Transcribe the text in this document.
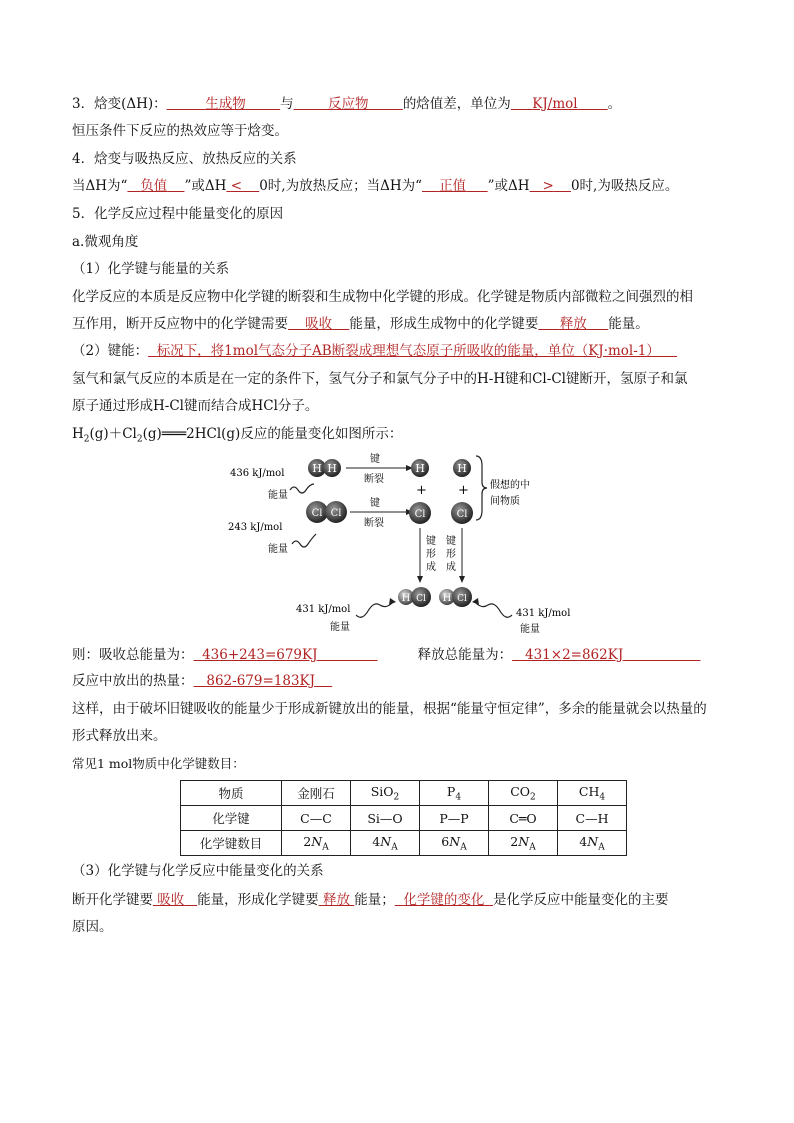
3．焓变(ΔH)：	生成物	与	反应物	的焓值差，单位为 KJ/mol 。
恒压条件下反应的热效应等于焓变。
4．焓变与吸热反应、放热反应的关系
当ΔH为“ 负值 ”或ΔH < 0时,为放热反应；当ΔH为“ 正值 ”或ΔH > 0时,为吸热反应。
5．化学反应过程中能量变化的原因
a.微观角度
（1）化学键与能量的关系
化学反应的本质是反应物中化学键的断裂和生成物中化学键的形成。化学键是物质内部微粒之间强烈的相
互作用，断开反应物中的化学键需要 吸收 能量，形成生成物中的化学键要 释放 能量。
（2）键能： 标况下，将1mol气态分子AB断裂成理想气态原子所吸收的能量，单位（KJ·mol-1）
氢气和氯气反应的本质是在一定的条件下，氢气分子和氯气分子中的H-H键和Cl-Cl键断开，氢原子和氯
原子通过形成H-Cl键而结合成HCl分子。
$H_2(g)+Cl_2(g)═══2HCl(g)$反应的能量变化如图所示：
H H
Cl Cl
436 kJ/mol
能量
243 kJ/mol
能量
键
断裂
键
断裂
H	H
+ +
Cl	Cl
假想的中
间物质
键
形
成
键
形
成
H Cl H Cl
431 kJ/mol
能量
431 kJ/mol
能量
则：吸收总能量为： 436+243=679KJ	释放总能量为： 431×2=862KJ
反应中放出的热量： 862-679=183KJ
这样，由于破坏旧键吸收的能量少于形成新键放出的能量，根据“能量守恒定律”，多余的能量就会以热量的
形式释放出来。
常见1 mol物质中化学键数目：
物质	金刚石	SiO$_2$	$P_4$	$CO_2$	$CH_4$
化学键	C—C	Si—O	P—P	C═O	C—H
化学键数目	$2N_A$	$4N_A$	$6N_A$	$2N_A$	$4N_A$
（3）化学键与化学反应中能量变化的关系
断开化学键要 吸收 能量，形成化学键要 释放 能量； 化学键的变化 是化学反应中能量变化的主要
原因。
